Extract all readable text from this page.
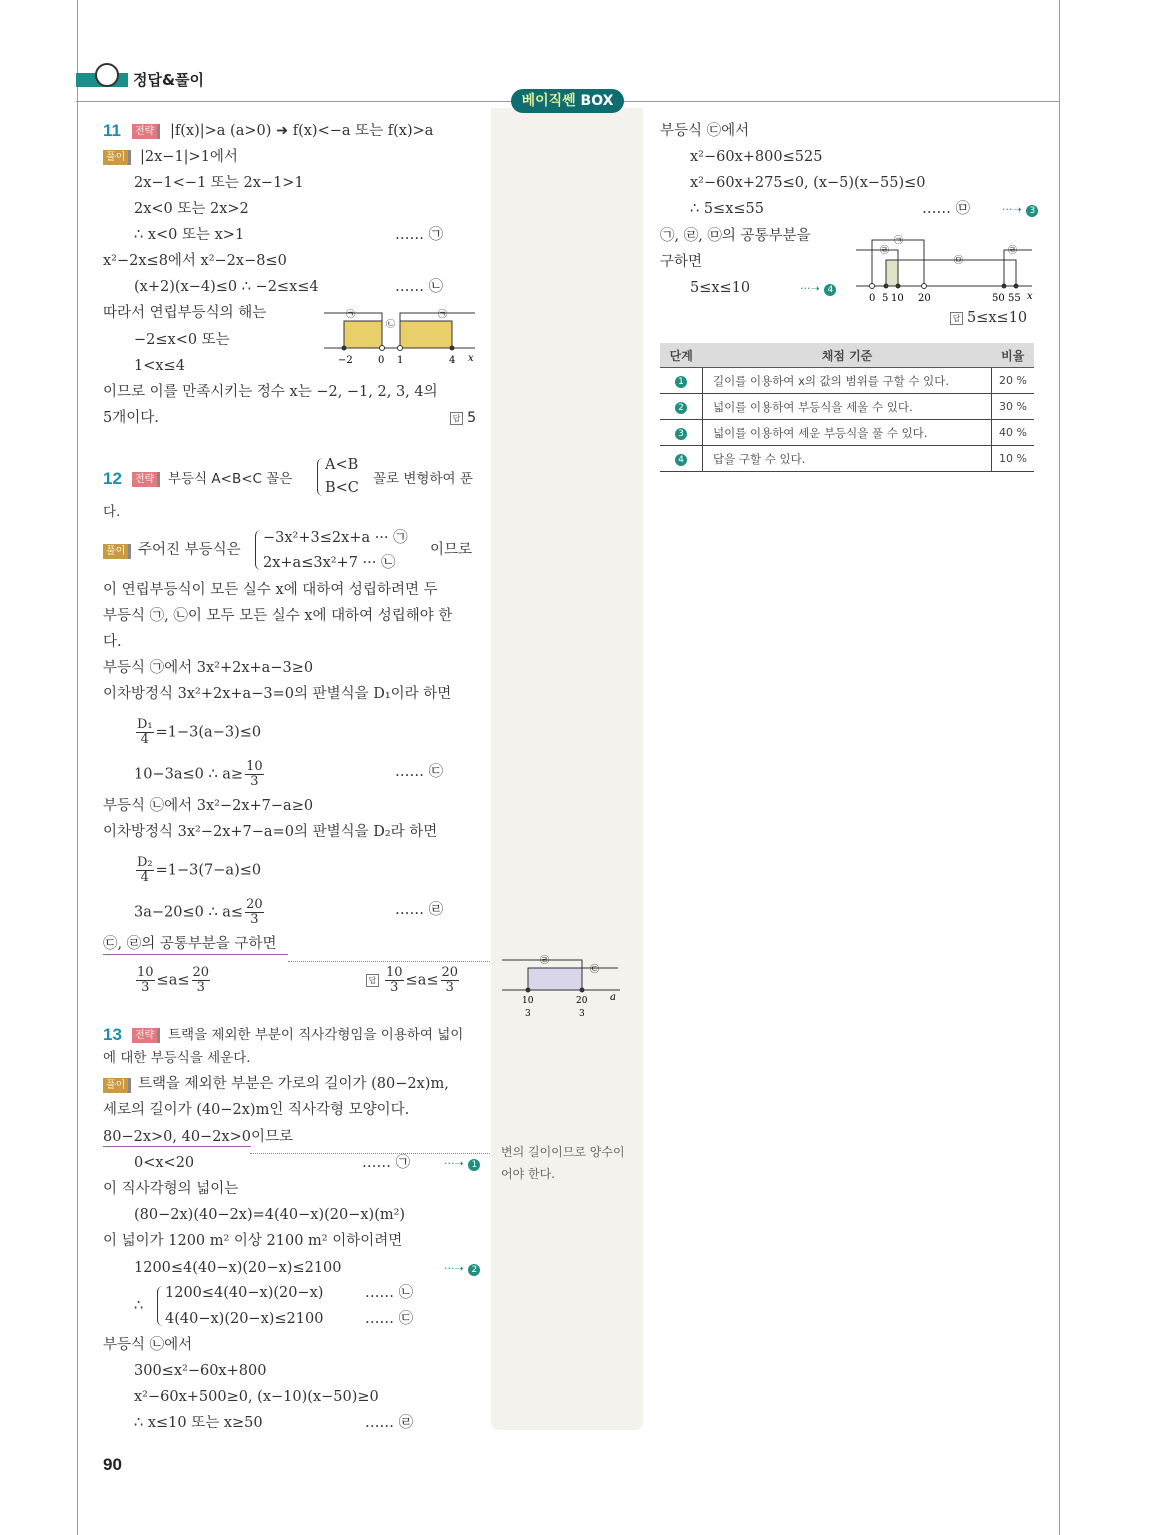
정답&풀이
베이직쎈 BOX
11	전략	|f(x)|>a (a>0) ➜ f(x)<−a 또는 f(x)>a
풀이	|2x−1|>1에서
2x−1<−1 또는 2x−1>1
2x<0 또는 2x>2
∴ x<0 또는 x>1	…… ㉠
x²−2x≤8에서 x²−2x−8≤0
(x+2)(x−4)≤0 ∴ −2≤x≤4	…… ㉡
따라서 연립부등식의 해는
−2≤x<0 또는
1<x≤4
이므로 이를 만족시키는 정수 x는 −2, −1, 2, 3, 4의
5개이다.	답 5
−2	0 1	4 x
㉠
㉡
㉠
12	전략	부등식 A<B<C 꼴은
A<B
B<C
꼴로 변형하여 푼
다.
풀이 주어진 부등식은
−3x²+3≤2x+a ··· ㉠
2x+a≤3x²+7 ··· ㉡
이므로
이 연립부등식이 모든 실수 x에 대하여 성립하려면 두
부등식 ㉠, ㉡이 모두 모든 실수 x에 대하여 성립해야 한
다.
부등식 ㉠에서 3x²+2x+a−3≥0
이차방정식 3x²+2x+a−3=0의 판별식을 D₁이라 하면
$\frac{\text{D₁}}{4} =1-3(a-3)\le 0$
10−3a≤0 ∴ $a\ge \frac{10}{3}$	…… ㉢
부등식 ㉡에서 3x²−2x+7−a≥0
이차방정식 3x²−2x+7−a=0의 판별식을 D₂라 하면
$\frac{\text{D₂}}{4} =1-3(7-a)\le 0$
3a−20≤0 ∴ $a\le \frac{20}{3}$	…… ㉣
㉢, ㉣의 공통부분을 구하면
$\frac{10}{3} \le a\le \frac{20}{3}$	답 $\frac{10}{3} \le a\le \frac{20}{3}$
10
3
20
3
a
㉣
㉢
13	전략	트랙을 제외한 부분이 직사각형임을 이용하여 넓이
에 대한 부등식을 세운다.
풀이 트랙을 제외한 부분은 가로의 길이가 (80−2x)m,
세로의 길이가 (40−2x)m인 직사각형 모양이다.
80−2x>0, 40−2x>0이므로
변의 길이이므로 양수이
어야 한다.
0<x<20	…… ㉠	···➝ 1
이 직사각형의 넓이는
(80−2x)(40−2x)=4(40−x)(20−x)(m²)
이 넓이가 1200 m² 이상 2100 m² 이하이려면
1200≤4(40−x)(20−x)≤2100	···➝ 2
∴
1200≤4(40−x)(20−x)
4(40−x)(20−x)≤2100
…… ㉡
…… ㉢
부등식 ㉡에서
300≤x²−60x+800
x²−60x+500≥0, (x−10)(x−50)≥0
∴ x≤10 또는 x≥50	…… ㉣
90
부등식 ㉢에서
x²−60x+800≤525
x²−60x+275≤0, (x−5)(x−55)≤0
∴ 5≤x≤55	…… ㉤	···➝ 3
㉠, ㉣, ㉤의 공통부분을
구하면
5≤x≤10	···➝ 4
답 5≤x≤10
0 5 10 20	50 55 x
㉠
㉣
㉤
㉣
단계	채점 기준	비율
1	길이를 이용하여 x의 값의 범위를 구할 수 있다.	20 %
2	넓이를 이용하여 부등식을 세울 수 있다.	30 %
3	넓이를 이용하여 세운 부등식을 풀 수 있다.	40 %
4	답을 구할 수 있다.	10 %
